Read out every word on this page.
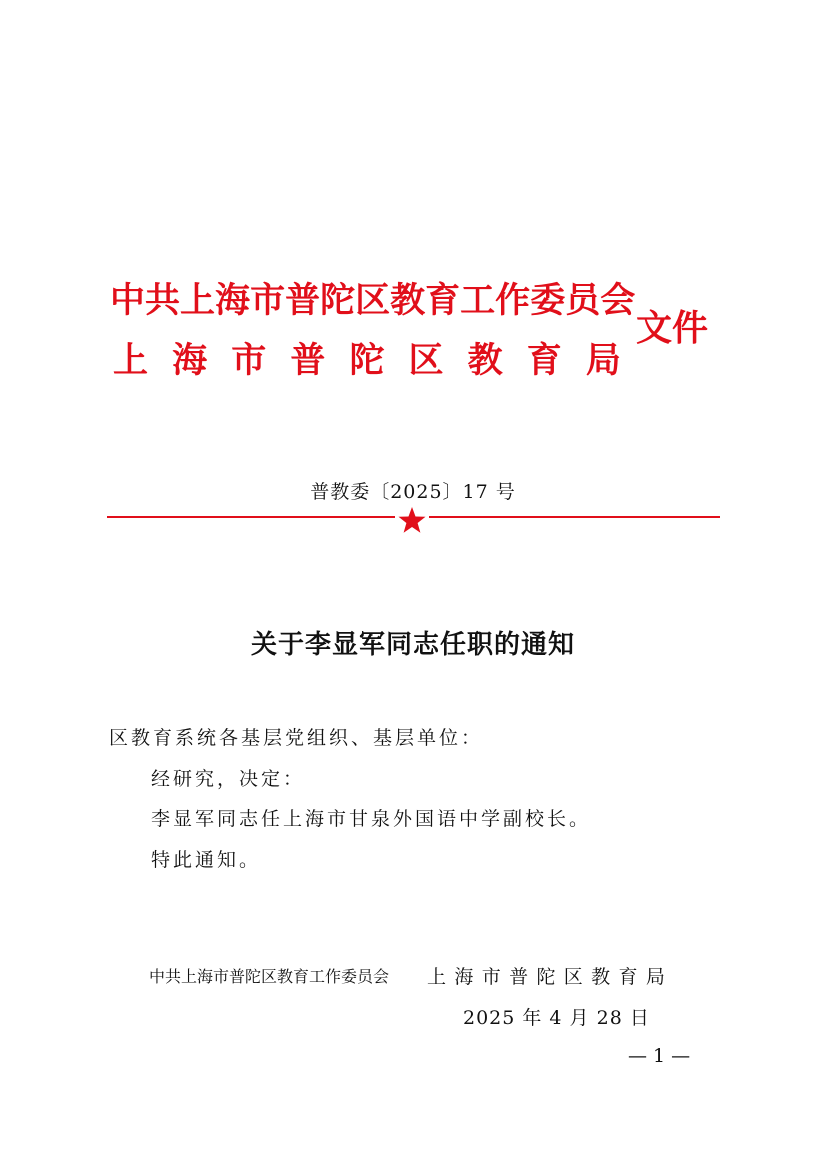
中 共 上 海 市 普 陀 区 教 育 工 作 委 员 会
上 海 市 普 陀 区 教 育 局
文件
普教委〔2025〕17 号
关于李显军同志任职的通知
区教育系统各基层党组织、基层单位：
经研究，决定：
李显军同志任上海市甘泉外国语中学副校长。
特此通知。
中共上海市普陀区教育工作委员会 上 海 市 普 陀 区 教 育 局
2025 年 4 月 28 日
— 1 —
